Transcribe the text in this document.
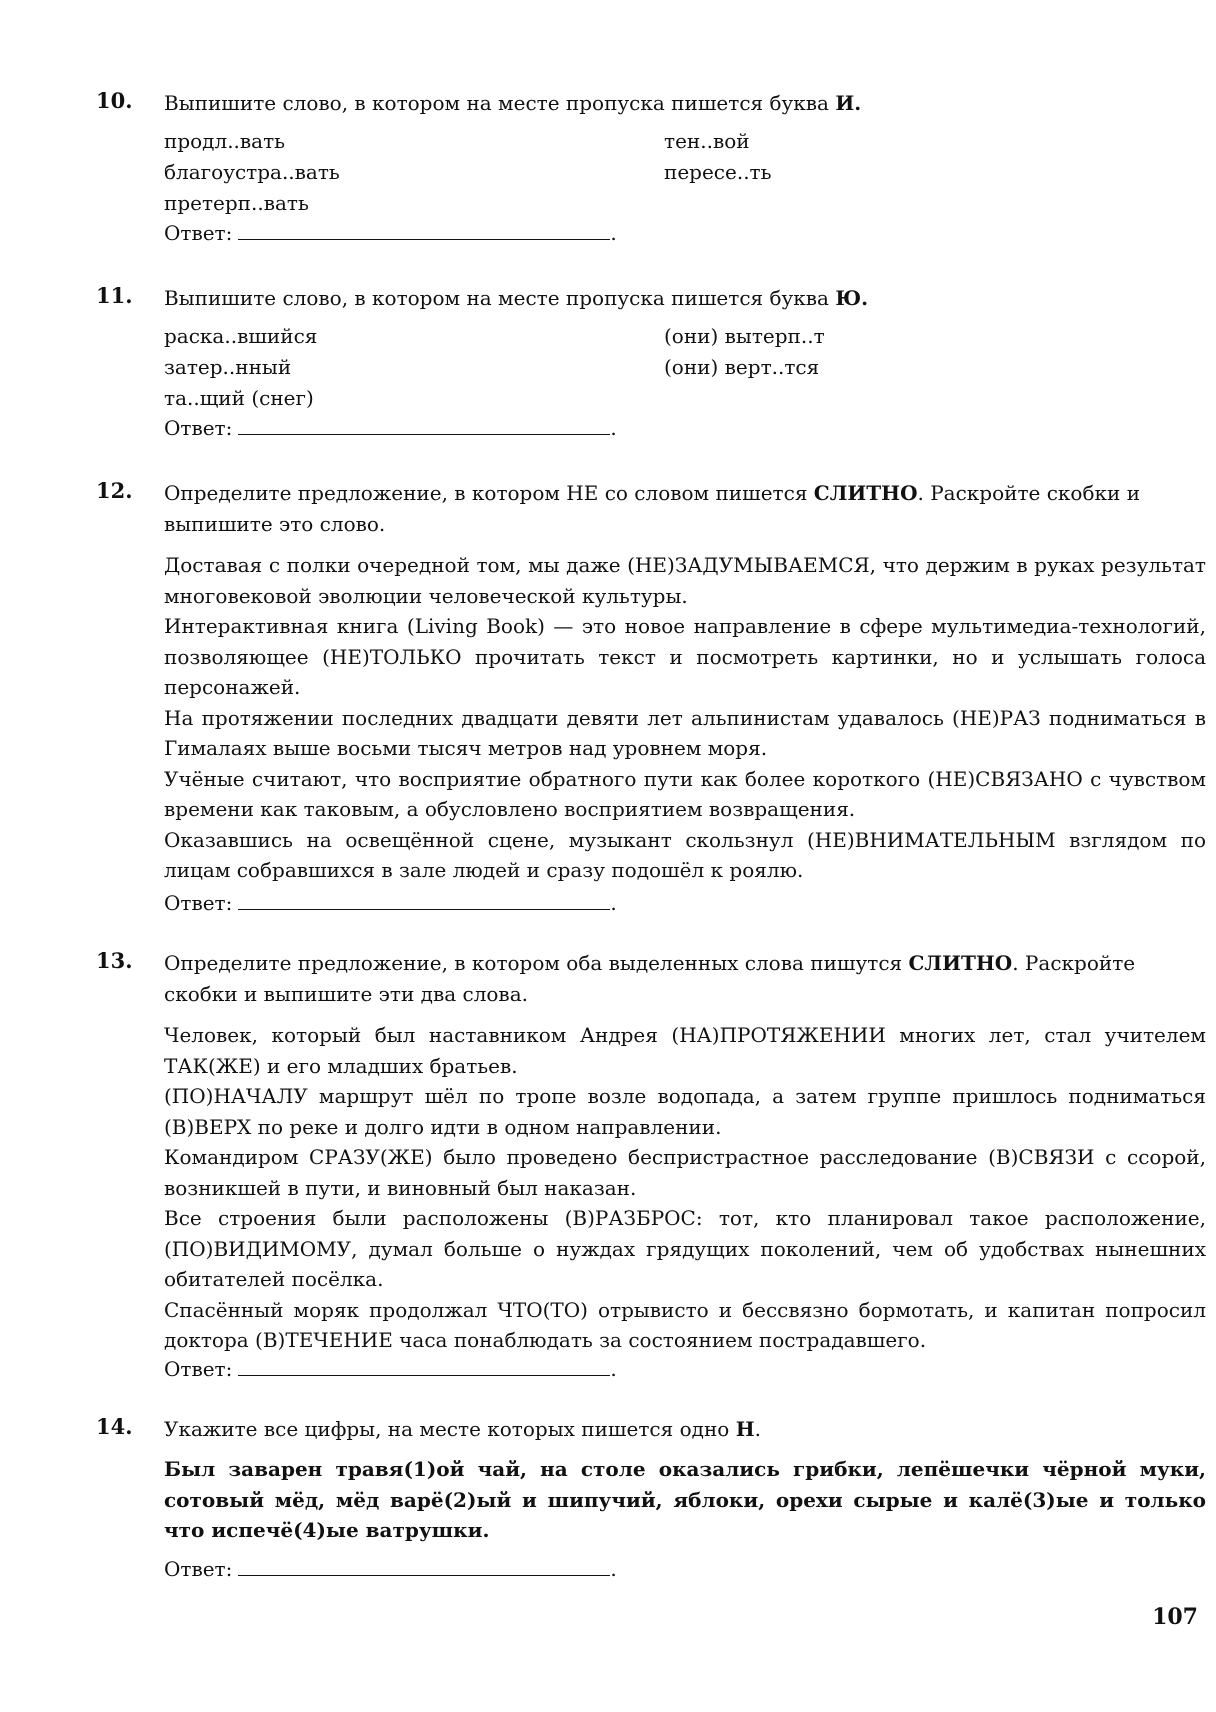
10. Выпишите слово, в котором на месте пропуска пишется буква И.
продл..вать
благоустра..вать
претерп..вать
тен..вой
пересе..ть
Ответ:	.
11. Выпишите слово, в котором на месте пропуска пишется буква Ю.
раска..вшийся
затер..нный
та..щий (снег)
(они) вытерп..т
(они) верт..тся
Ответ:	.
12. Определите предложение, в котором НЕ со словом пишется СЛИТНО. Раскройте скобки и выпишите это слово.

Доставая с полки очередной том, мы даже (НЕ)ЗАДУМЫВАЕМСЯ, что держим в руках результат многовековой эволюции человеческой культуры.

Интерактивная книга (Living Book) — это новое направление в сфере мультимедиа-технологий, позволяющее (НЕ)ТОЛЬКО прочитать текст и посмотреть картинки, но и услышать голоса персонажей.

На протяжении последних двадцати девяти лет альпинистам удавалось (НЕ)РАЗ подниматься в Гималаях выше восьми тысяч метров над уровнем моря.

Учёные считают, что восприятие обратного пути как более короткого (НЕ)СВЯЗАНО с чувством времени как таковым, а обусловлено восприятием возвращения.

Оказавшись на освещённой сцене, музыкант скользнул (НЕ)ВНИМАТЕЛЬНЫМ взглядом по лицам собравшихся в зале людей и сразу подошёл к роялю.

Ответ:	.
13. Определите предложение, в котором оба выделенных слова пишутся СЛИТНО. Раскройте скобки и выпишите эти два слова.

Человек, который был наставником Андрея (НА)ПРОТЯЖЕНИИ многих лет, стал учителем ТАК(ЖЕ) и его младших братьев.

(ПО)НАЧАЛУ маршрут шёл по тропе возле водопада, а затем группе пришлось подниматься (В)ВЕРХ по реке и долго идти в одном направлении.

Командиром СРАЗУ(ЖЕ) было проведено беспристрастное расследование (В)СВЯЗИ с ссорой, возникшей в пути, и виновный был наказан.

Все строения были расположены (В)РАЗБРОС: тот, кто планировал такое расположение, (ПО)ВИДИМОМУ, думал больше о нуждах грядущих поколений, чем об удобствах нынешних обитателей посёлка.

Спасённый моряк продолжал ЧТО(ТО) отрывисто и бессвязно бормотать, и капитан попросил доктора (В)ТЕЧЕНИЕ часа понаблюдать за состоянием пострадавшего.

Ответ:	.
14. Укажите все цифры, на месте которых пишется одно Н.

Был заварен травя(1)ой чай, на столе оказались грибки, лепёшечки чёрной муки, сотовый мёд, мёд варё(2)ый и шипучий, яблоки, орехи сырые и калё(3)ые и только что испечё(4)ые ватрушки.

Ответ:	.
107
